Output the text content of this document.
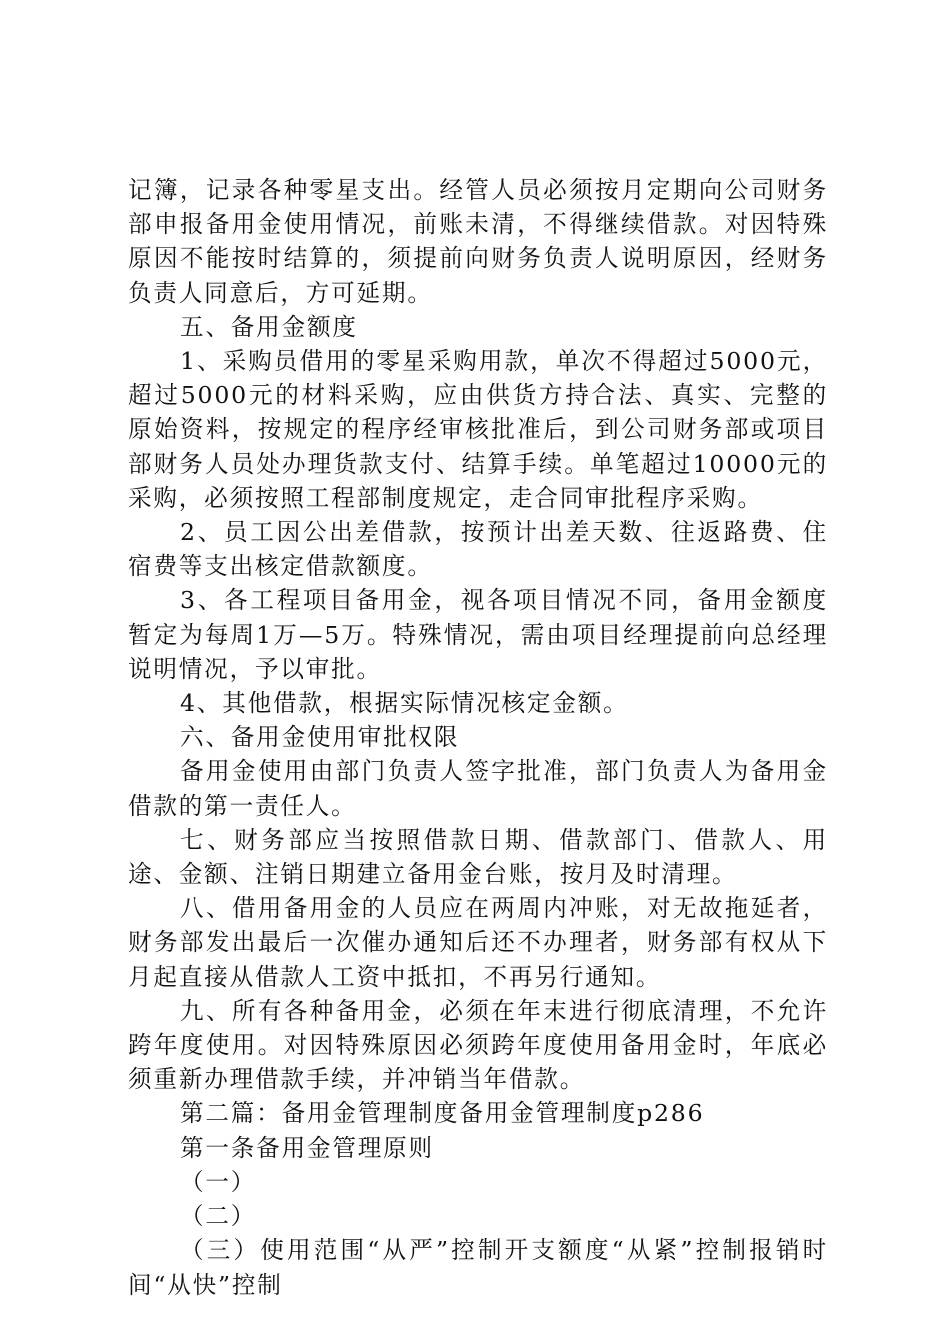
记簿，记录各种零星支出。经管人员必须按月定期向公司财务部申报备用金使用情况，前账未清，不得继续借款。对因特殊原因不能按时结算的，须提前向财务负责人说明原因，经财务负责人同意后，方可延期。

五、备用金额度

1、采购员借用的零星采购用款，单次不得超过5000元，超过5000元的材料采购，应由供货方持合法、真实、完整的原始资料，按规定的程序经审核批准后，到公司财务部或项目部财务人员处办理货款支付、结算手续。单笔超过10000元的采购，必须按照工程部制度规定，走合同审批程序采购。

2、员工因公出差借款，按预计出差天数、往返路费、住宿费等支出核定借款额度。

3、各工程项目备用金，视各项目情况不同，备用金额度暂定为每周1万—5万。特殊情况，需由项目经理提前向总经理说明情况，予以审批。

4、其他借款，根据实际情况核定金额。

六、备用金使用审批权限

备用金使用由部门负责人签字批准，部门负责人为备用金借款的第一责任人。

七、财务部应当按照借款日期、借款部门、借款人、用途、金额、注销日期建立备用金台账，按月及时清理。

八、借用备用金的人员应在两周内冲账，对无故拖延者，财务部发出最后一次催办通知后还不办理者，财务部有权从下月起直接从借款人工资中抵扣，不再另行通知。

九、所有各种备用金，必须在年末进行彻底清理，不允许跨年度使用。对因特殊原因必须跨年度使用备用金时，年底必须重新办理借款手续，并冲销当年借款。

第二篇：备用金管理制度备用金管理制度p286

第一条备用金管理原则

（一）

（二）

（三）使用范围“从严”控制开支额度“从紧”控制报销时间“从快”控制
